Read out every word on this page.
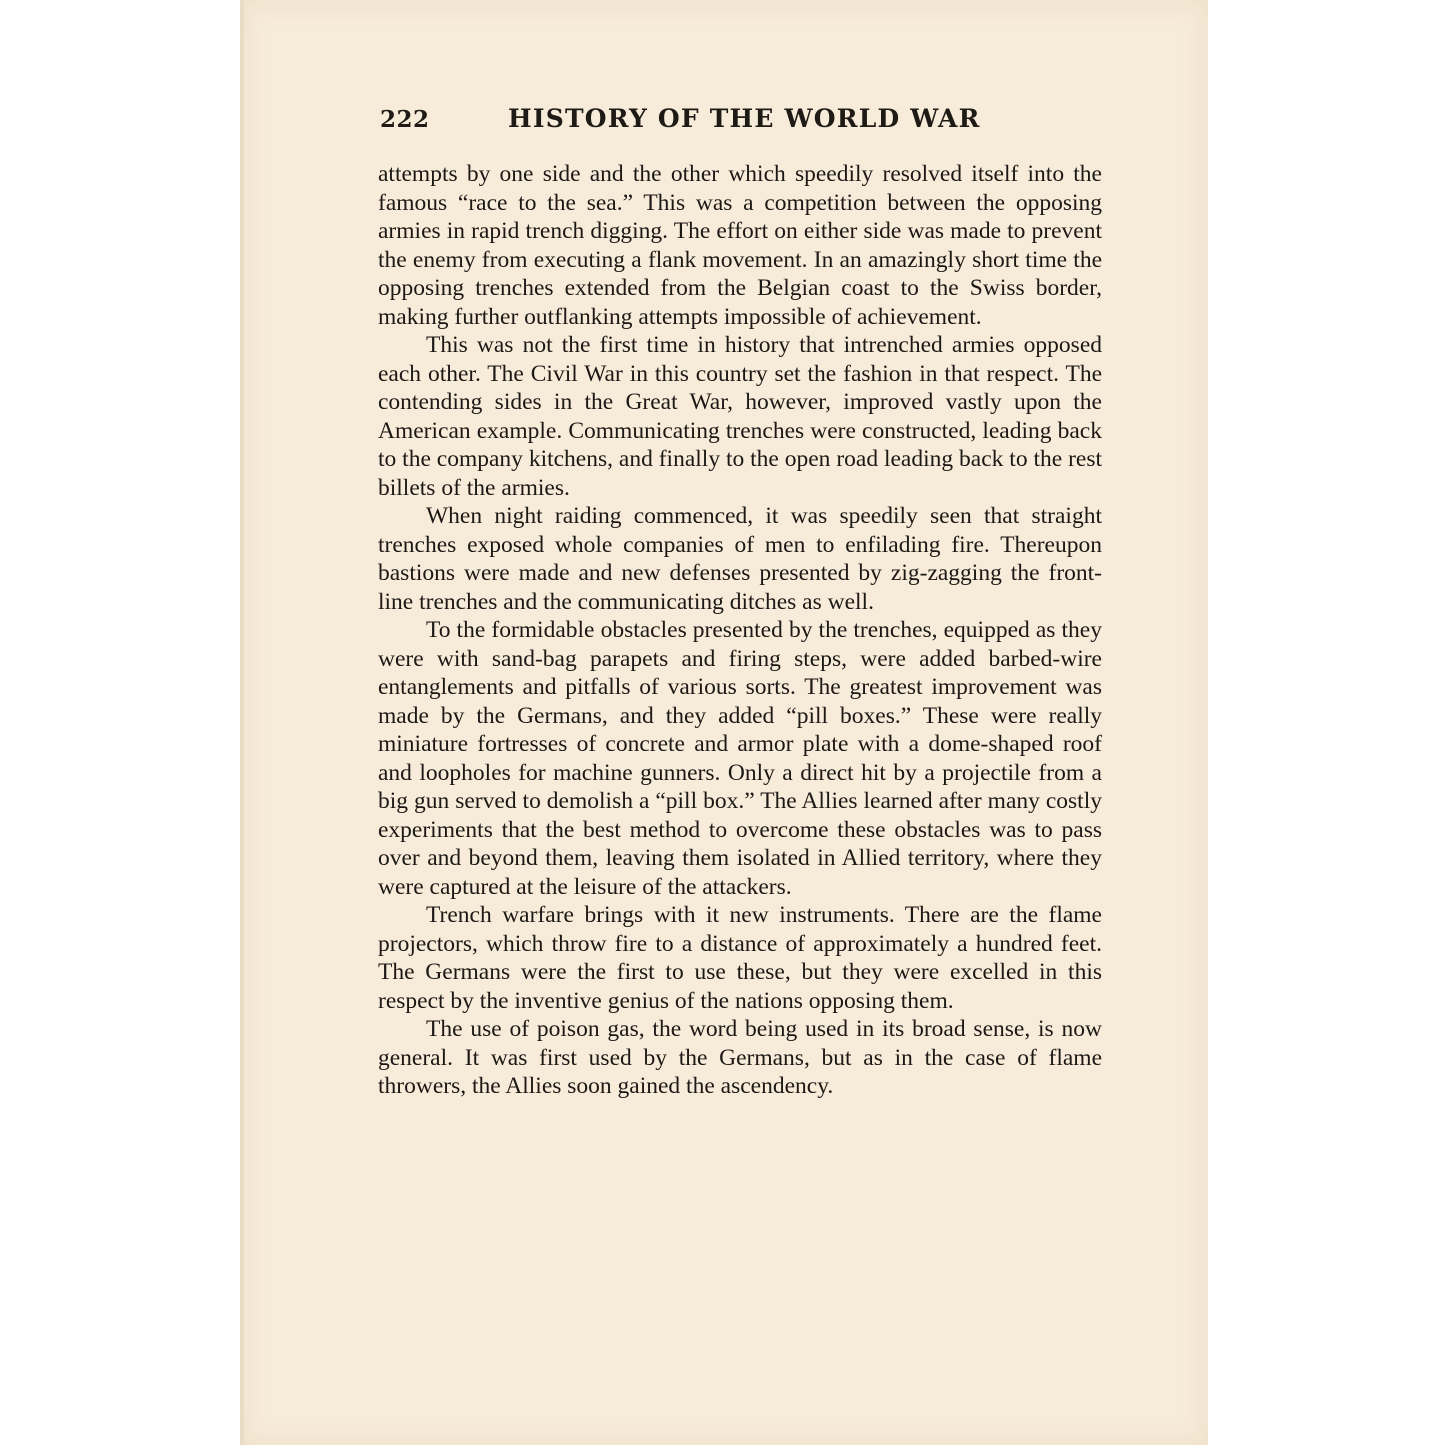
222	HISTORY OF THE WORLD WAR

attempts by one side and the other which speedily resolved itself into the famous “race to the sea.” This was a competition between the opposing armies in rapid trench digging. The effort on either side was made to prevent the enemy from executing a flank movement. In an amazingly short time the opposing trenches extended from the Belgian coast to the Swiss border, making further outflanking attempts impossible of achievement.

This was not the first time in history that intrenched armies opposed each other. The Civil War in this country set the fashion in that respect. The contending sides in the Great War, however, improved vastly upon the American example. Communicating trenches were constructed, leading back to the company kitchens, and finally to the open road leading back to the rest billets of the armies.

When night raiding commenced, it was speedily seen that straight trenches exposed whole companies of men to enfilading fire. Thereupon bastions were made and new defenses presented by zig-zagging the front-line trenches and the communicating ditches as well.

To the formidable obstacles presented by the trenches, equipped as they were with sand-bag parapets and firing steps, were added barbed-wire entanglements and pitfalls of various sorts. The greatest improvement was made by the Germans, and they added “pill boxes.” These were really miniature fortresses of concrete and armor plate with a dome-shaped roof and loopholes for machine gunners. Only a direct hit by a projectile from a big gun served to demolish a “pill box.” The Allies learned after many costly experiments that the best method to overcome these obstacles was to pass over and beyond them, leaving them isolated in Allied territory, where they were captured at the leisure of the attackers.

Trench warfare brings with it new instruments. There are the flame projectors, which throw fire to a distance of approximately a hundred feet. The Germans were the first to use these, but they were excelled in this respect by the inventive genius of the nations opposing them.

The use of poison gas, the word being used in its broad sense, is now general. It was first used by the Germans, but as in the case of flame throwers, the Allies soon gained the ascendency.
